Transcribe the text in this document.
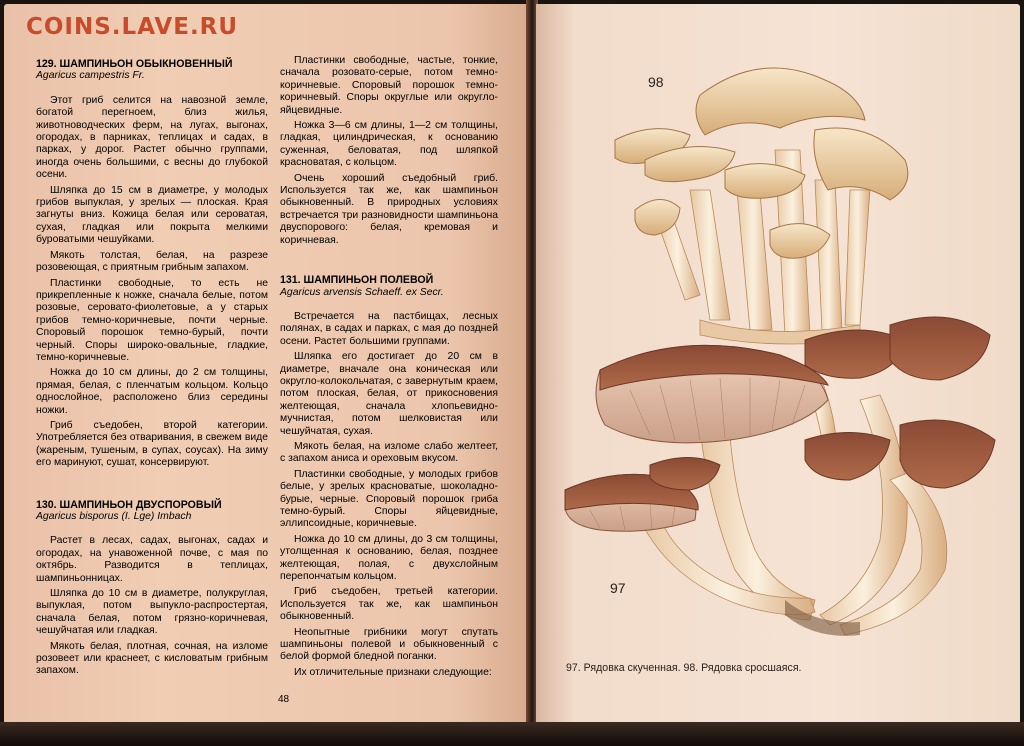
COINS.LAVE.RU
129. ШАМПИНЬОН ОБЫКНОВЕННЫЙ
Agaricus campestris Fr.

Этот гриб селится на навозной земле, богатой перегноем, близ жилья, животноводческих ферм, на лугах, выгонах, огородах, в парниках, теплицах и садах, в парках, у дорог. Растет обычно группами, иногда очень большими, с весны до глубокой осени.

Шляпка до 15 см в диаметре, у молодых грибов выпуклая, у зрелых — плоская. Края загнуты вниз. Кожица белая или сероватая, сухая, гладкая или покрыта мелкими буроватыми чешуйками.

Мякоть толстая, белая, на разрезе розовеющая, с приятным грибным запахом.

Пластинки свободные, то есть не прикрепленные к ножке, сначала белые, потом розовые, серовато-фиолетовые, а у старых грибов темно-коричневые, почти черные. Споровый порошок темно-бурый, почти черный. Споры широко-овальные, гладкие, темно-коричневые.

Ножка до 10 см длины, до 2 см толщины, прямая, белая, с пленчатым кольцом. Кольцо однослойное, расположено близ середины ножки.

Гриб съедобен, второй категории. Употребляется без отваривания, в свежем виде (жареным, тушеным, в супах, соусах). На зиму его маринуют, сушат, консервируют.

130. ШАМПИНЬОН ДВУСПОРОВЫЙ
Agaricus bisporus (I. Lge) Imbach

Растет в лесах, садах, выгонах, садах и огородах, на унавоженной почве, с мая по октябрь. Разводится в теплицах, шампиньонницах.

Шляпка до 10 см в диаметре, полукруглая, выпуклая, потом выпукло-распростертая, сначала белая, потом грязно-коричневая, чешуйчатая или гладкая.

Мякоть белая, плотная, сочная, на изломе розовеет или краснеет, с кисловатым грибным запахом.

Пластинки свободные, частые, тонкие, сначала розовато-серые, потом темно-коричневые. Споровый порошок темно-коричневый. Споры округлые или округло-яйцевидные.

Ножка 3—6 см длины, 1—2 см толщины, гладкая, цилиндрическая, к основанию суженная, беловатая, под шляпкой красноватая, с кольцом.

Очень хороший съедобный гриб. Используется так же, как шампиньон обыкновенный. В природных условиях встречается три разновидности шампиньона двуспорового: белая, кремовая и коричневая.

131. ШАМПИНЬОН ПОЛЕВОЙ
Agaricus arvensis Schaeff. ex Secr.

Встречается на пастбищах, лесных полянах, в садах и парках, с мая до поздней осени. Растет большими группами.

Шляпка его достигает до 20 см в диаметре, вначале она коническая или округло-колокольчатая, с завернутым краем, потом плоская, белая, от прикосновения желтеющая, сначала хлопьевидно-мучнистая, потом шелковистая или чешуйчатая, сухая.

Мякоть белая, на изломе слабо желтеет, с запахом аниса и ореховым вкусом.

Пластинки свободные, у молодых грибов белые, у зрелых красноватые, шоколадно-бурые, черные. Споровый порошок гриба темно-бурый. Споры яйцевидные, эллипсоидные, коричневые.

Ножка до 10 см длины, до 3 см толщины, утолщенная к основанию, белая, позднее желтеющая, полая, с двухслойным перепончатым кольцом.

Гриб съедобен, третьей категории. Используется так же, как шампиньон обыкновенный.

Неопытные грибники могут спутать шампиньоны полевой и обыкновенный с белой формой бледной поганки.

Их отличительные признаки следующие:

48
98
97
97. Рядовка скученная. 98. Рядовка сросшаяся.
